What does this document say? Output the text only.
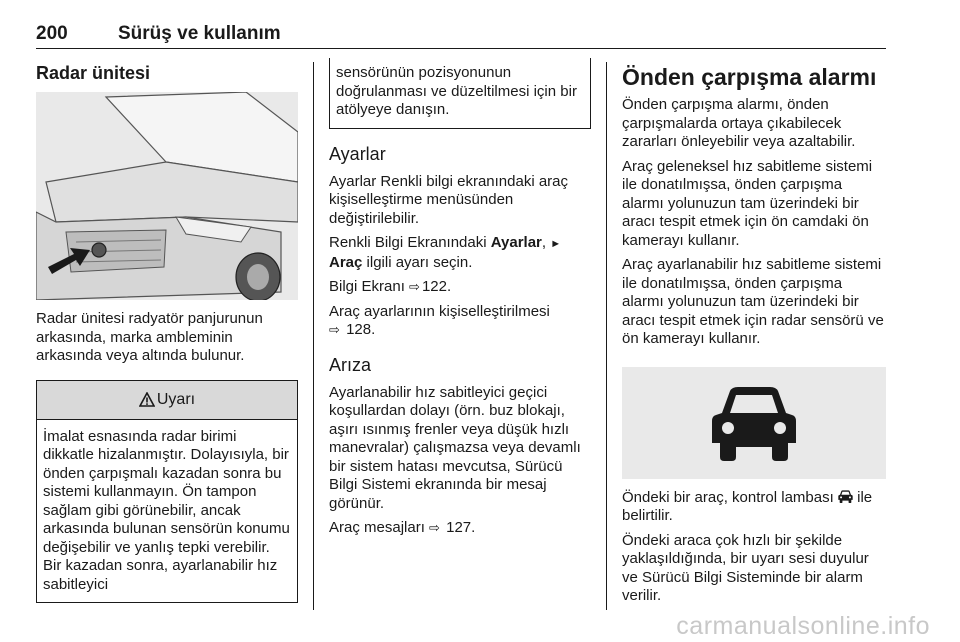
200	Sürüş ve kullanım
Radar ünitesi

Radar ünitesi radyatör panjurunun arkasında, marka ambleminin arkasında veya altında bulunur.

Uyarı

İmalat esnasında radar birimi dikkatle hizalanmıştır. Dolayısıyla, bir önden çarpışmalı kazadan sonra bu sistemi kullanmayın. Ön tampon sağlam gibi görünebilir, ancak arkasında bulunan sensörün konumu değişebilir ve yanlış tepki verebilir. Bir kazadan sonra, ayarlanabilir hız sabitleyici

sensörünün pozisyonunun doğrulanması ve düzeltilmesi için bir atölyeye danışın.

Ayarlar

Ayarlar Renkli bilgi ekranındaki araç kişiselleştirme menüsünden değiştirilebilir.

Renkli Bilgi Ekranındaki Ayarlar, ► Araç ilgili ayarı seçin.

Bilgi Ekranı ⇨ 122.

Araç ayarlarının kişiselleştirilmesi
⇨ 128.

Arıza

Ayarlanabilir hız sabitleyici geçici koşullardan dolayı (örn. buz blokajı, aşırı ısınmış frenler veya düşük hızlı manevralar) çalışmazsa veya devamlı bir sistem hatası mevcutsa, Sürücü Bilgi Sistemi ekranında bir mesaj görünür.

Araç mesajları ⇨ 127.

Önden çarpışma alarmı

Önden çarpışma alarmı, önden çarpışmalarda ortaya çıkabilecek zararları önleyebilir veya azaltabilir.

Araç geleneksel hız sabitleme sistemi ile donatılmışsa, önden çarpışma alarmı yolunuzun tam üzerindeki bir aracı tespit etmek için ön camdaki ön kamerayı kullanır.

Araç ayarlanabilir hız sabitleme sistemi ile donatılmışsa, önden çarpışma alarmı yolunuzun tam üzerindeki bir aracı tespit etmek için radar sensörü ve ön kamerayı kullanır.

Öndeki bir araç, kontrol lambası ile belirtilir.

Öndeki araca çok hızlı bir şekilde yaklaşıldığında, bir uyarı sesi duyulur ve Sürücü Bilgi Sisteminde bir alarm verilir.

carmanualsonline.info
